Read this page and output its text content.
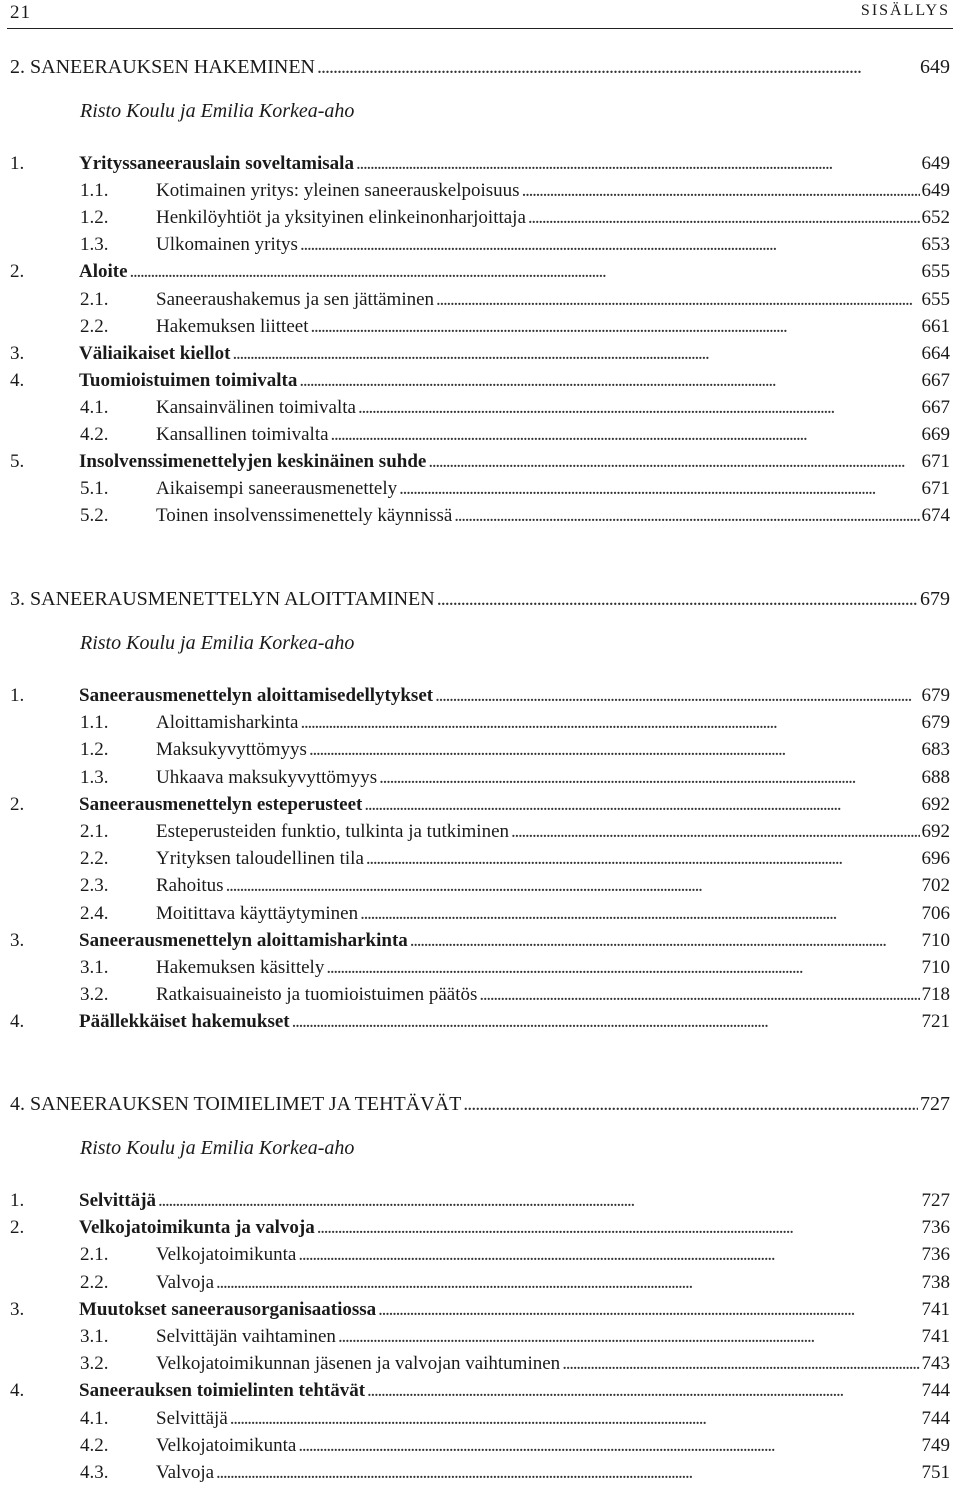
21	SISÄLLYS
2. SANEERAUKSEN HAKEMINEN . . .	649
Risto Koulu ja Emilia Korkea-aho
1.	Yrityssaneerauslain soveltamisala . . .	649
1.1.	Kotimainen yritys: yleinen saneerauskelpoisuus . . .	649
1.2.	Henkilöyhtiöt ja yksityinen elinkeinonharjoittaja . . .	652
1.3.	Ulkomainen yritys . . .	653
2.	Aloite . . .	655
2.1.	Saneeraushakemus ja sen jättäminen . . .	655
2.2.	Hakemuksen liitteet . . .	661
3.	Väliaikaiset kiellot . . .	664
4.	Tuomioistuimen toimivalta . . .	667
4.1.	Kansainvälinen toimivalta . . .	667
4.2.	Kansallinen toimivalta . . .	669
5.	Insolvenssimenettelyjen keskinäinen suhde . . .	671
5.1.	Aikaisempi saneerausmenettely . . .	671
5.2.	Toinen insolvenssimenettely käynnissä . . .	674
3. SANEERAUSMENETTELYN ALOITTAMINEN . . .	679
Risto Koulu ja Emilia Korkea-aho
1.	Saneerausmenettelyn aloittamisedellytykset . . .	679
1.1.	Aloittamisharkinta . . .	679
1.2.	Maksukyvyttömyys . . .	683
1.3.	Uhkaava maksukyvyttömyys . . .	688
2.	Saneerausmenettelyn esteperusteet . . .	692
2.1.	Esteperusteiden funktio, tulkinta ja tutkiminen . . .	692
2.2.	Yrityksen taloudellinen tila . . .	696
2.3.	Rahoitus . . .	702
2.4.	Moitittava käyttäytyminen . . .	706
3.	Saneerausmenettelyn aloittamisharkinta . . .	710
3.1.	Hakemuksen käsittely . . .	710
3.2.	Ratkaisuaineisto ja tuomioistuimen päätös . . .	718
4.	Päällekkäiset hakemukset . . .	721
4. SANEERAUKSEN TOIMIELIMET JA TEHTÄVÄT . . .	727
Risto Koulu ja Emilia Korkea-aho
1.	Selvittäjä . . .	727
2.	Velkojatoimikunta ja valvoja . . .	736
2.1.	Velkojatoimikunta . . .	736
2.2.	Valvoja . . .	738
3.	Muutokset saneerausorganisaatiossa . . .	741
3.1.	Selvittäjän vaihtaminen . . .	741
3.2.	Velkojatoimikunnan jäsenen ja valvojan vaihtuminen . . .	743
4.	Saneerauksen toimielinten tehtävät . . .	744
4.1.	Selvittäjä . . .	744
4.2.	Velkojatoimikunta . . .	749
4.3.	Valvoja . . .	751
